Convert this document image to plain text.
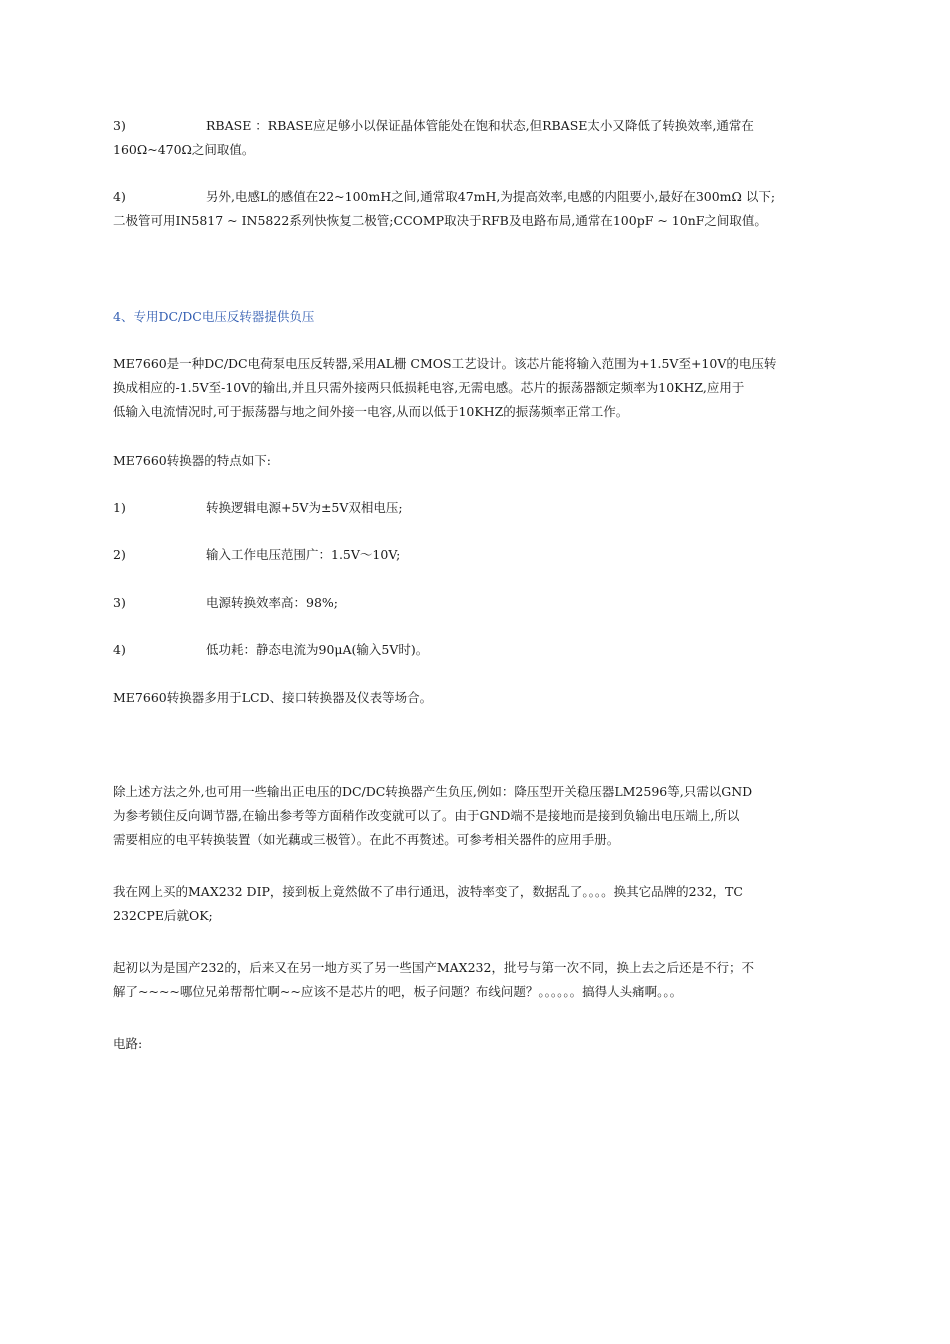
3)	RBASE ：RBASE应足够小以保证晶体管能处在饱和状态,但RBASE太小又降低了转换效率,通常在
160Ω~470Ω之间取值。
4)	另外,电感L的感值在22~100mH之间,通常取47mH,为提高效率,电感的内阻要小,最好在300mΩ 以下;
二极管可用IN5817 ~ IN5822系列快恢复二极管;CCOMP取决于RFB及电路布局,通常在100pF ~ 10nF之间取值。
4、专用DC/DC电压反转器提供负压
ME7660是一种DC/DC电荷泵电压反转器,采用AL栅 CMOS工艺设计。该芯片能将输入范围为+1.5V至+10V的电压转
换成相应的-1.5V至-10V的输出,并且只需外接两只低损耗电容,无需电感。芯片的振荡器额定频率为10KHZ,应用于
低输入电流情况时,可于振荡器与地之间外接一电容,从而以低于10KHZ的振荡频率正常工作。
ME7660转换器的特点如下:
1)	转换逻辑电源+5V为±5V双相电压;
2)	输入工作电压范围广：1.5V～10V;
3)	电源转换效率高：98%;
4)	低功耗：静态电流为90μA(输入5V时)。
ME7660转换器多用于LCD、接口转换器及仪表等场合。
除上述方法之外,也可用一些输出正电压的DC/DC转换器产生负压,例如：降压型开关稳压器LM2596等,只需以GND
为参考锁住反向调节器,在输出参考等方面稍作改变就可以了。由于GND端不是接地而是接到负输出电压端上,所以
需要相应的电平转换装置（如光藕或三极管）。在此不再赘述。可参考相关器件的应用手册。
我在网上买的MAX232 DIP，接到板上竟然做不了串行通迅，波特率变了，数据乱了。。。。换其它品牌的232，TC
232CPE后就OK;
起初以为是国产232的，后来又在另一地方买了另一些国产MAX232，批号与第一次不同，换上去之后还是不行；不
解了~~~~哪位兄弟帮帮忙啊~~应该不是芯片的吧，板子问题？布线问题？。。。。。。搞得人头痛啊。。。
电路:
